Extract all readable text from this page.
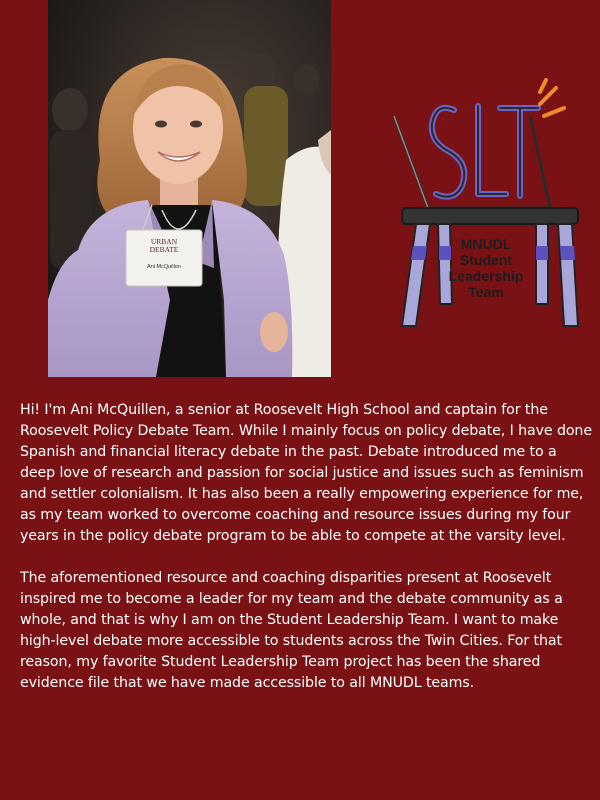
URBAN
DEBATE
Ani McQuillen
MNUDL
Student
Leadership
Team

Hi! I'm Ani McQuillen, a senior at Roosevelt High School and captain for the Roosevelt Policy Debate Team. While I mainly focus on policy debate, I have done Spanish and financial literacy debate in the past. Debate introduced me to a deep love of research and passion for social justice and issues such as feminism and settler colonialism. It has also been a really empowering experience for me, as my team worked to overcome coaching and resource issues during my four years in the policy debate program to be able to compete at the varsity level.

The aforementioned resource and coaching disparities present at Roosevelt inspired me to become a leader for my team and the debate community as a whole, and that is why I am on the Student Leadership Team. I want to make high-level debate more accessible to students across the Twin Cities. For that reason, my favorite Student Leadership Team project has been the shared evidence file that we have made accessible to all MNUDL teams.
